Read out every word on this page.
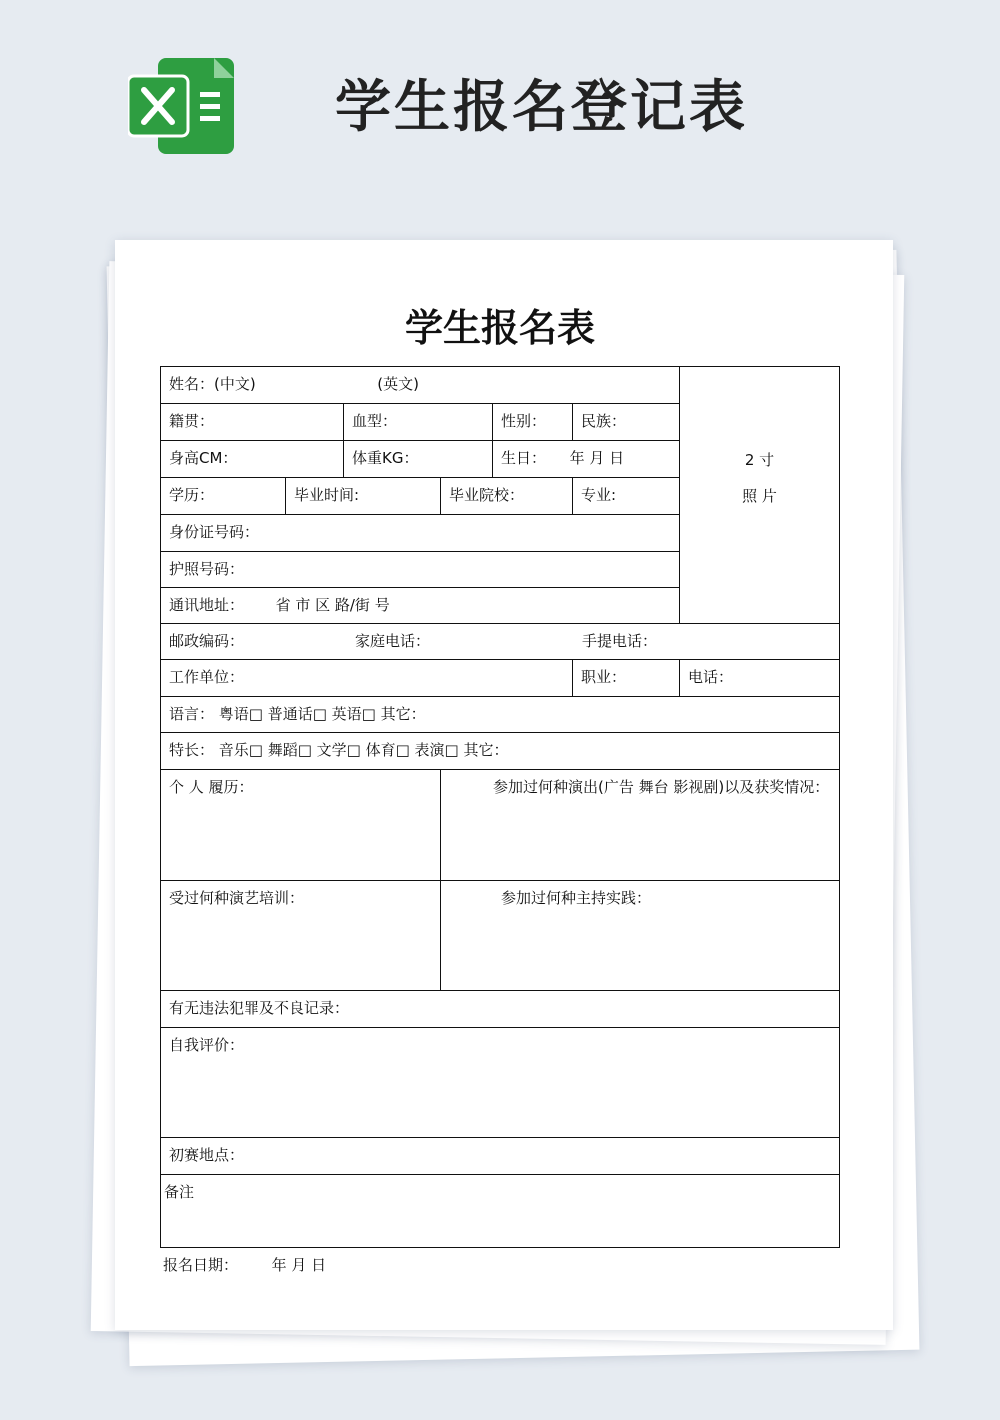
学生报名登记表
学生报名表
姓名：(中文)	(英文)
2 寸
照 片
籍贯：	血型：	性别：	民族：
身高CM：	体重KG：	生日： 年 月 日
学历：	毕业时间:	毕业院校：	专业:
身份证号码：
护照号码：
通讯地址： 省 市 区 路/街 号
邮政编码：	家庭电话：	手提电话：
工作单位：	职业：	电话：
语言： 粤语□ 普通话□ 英语□ 其它：
特长： 音乐□ 舞蹈□ 文学□ 体育□ 表演□ 其它：
个 人 履历：	参加过何种演出(广告 舞台 影视剧)以及获奖情况：
受过何种演艺培训：	参加过何种主持实践：
有无违法犯罪及不良记录：
自我评价：
初赛地点：
备注
报名日期： 年 月 日
